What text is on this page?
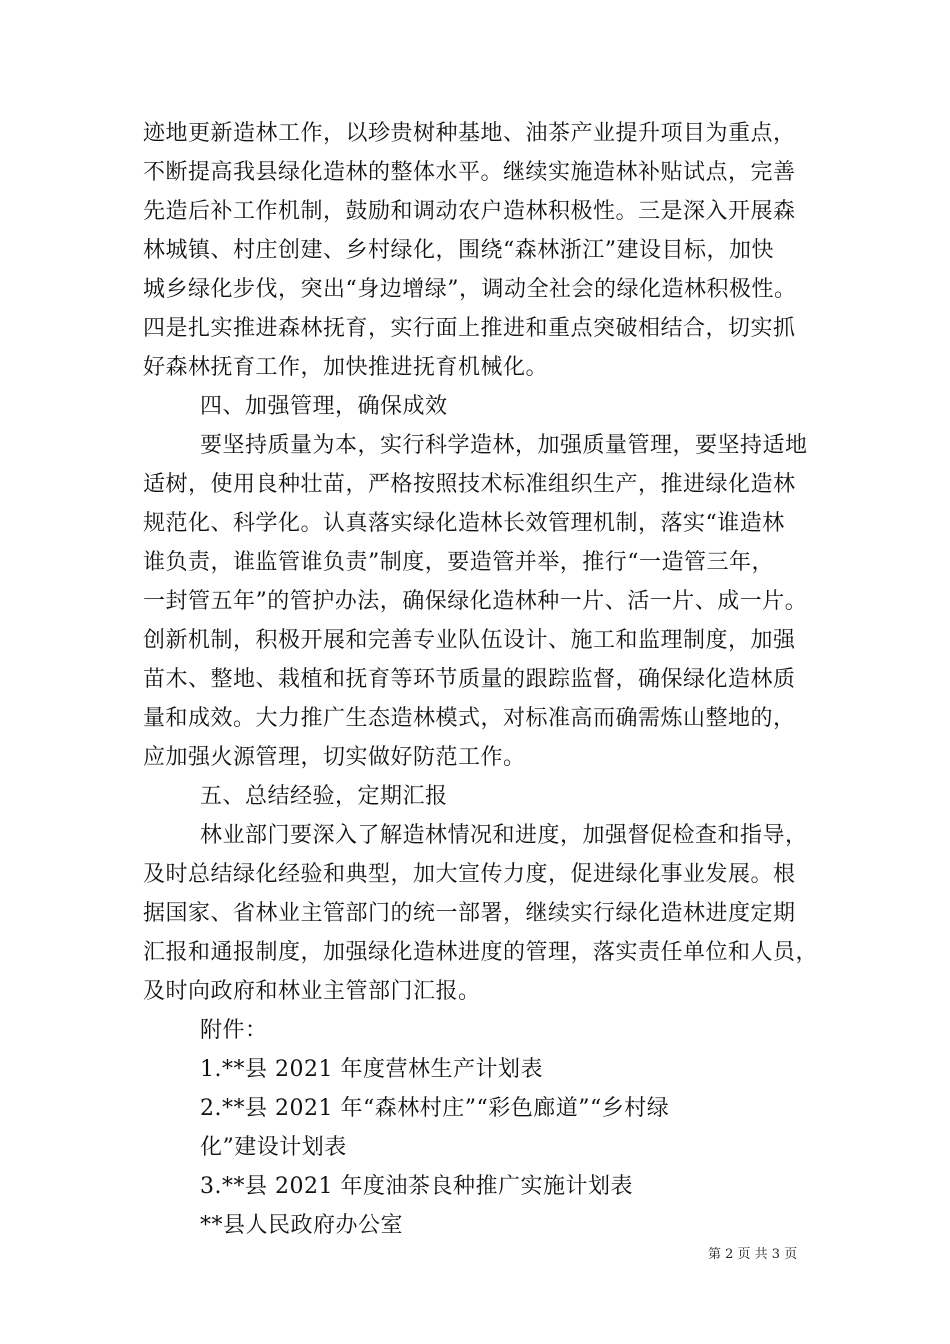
迹地更新造林工作，以珍贵树种基地、油茶产业提升项目为重点，
不断提高我县绿化造林的整体水平。继续实施造林补贴试点，完善
先造后补工作机制，鼓励和调动农户造林积极性。三是深入开展森
林城镇、村庄创建、乡村绿化，围绕“森林浙江”建设目标，加快
城乡绿化步伐，突出“身边增绿”，调动全社会的绿化造林积极性。
四是扎实推进森林抚育，实行面上推进和重点突破相结合，切实抓
好森林抚育工作，加快推进抚育机械化。
四、加强管理，确保成效
要坚持质量为本，实行科学造林，加强质量管理，要坚持适地
适树，使用良种壮苗，严格按照技术标准组织生产，推进绿化造林
规范化、科学化。认真落实绿化造林长效管理机制，落实“谁造林
谁负责，谁监管谁负责”制度，要造管并举，推行“一造管三年，
一封管五年”的管护办法，确保绿化造林种一片、活一片、成一片。
创新机制，积极开展和完善专业队伍设计、施工和监理制度，加强
苗木、整地、栽植和抚育等环节质量的跟踪监督，确保绿化造林质
量和成效。大力推广生态造林模式，对标准高而确需炼山整地的，
应加强火源管理，切实做好防范工作。
五、总结经验，定期汇报
林业部门要深入了解造林情况和进度，加强督促检查和指导，
及时总结绿化经验和典型，加大宣传力度，促进绿化事业发展。根
据国家、省林业主管部门的统一部署，继续实行绿化造林进度定期
汇报和通报制度，加强绿化造林进度的管理，落实责任单位和人员，
及时向政府和林业主管部门汇报。
附件：
1.**县 2021 年度营林生产计划表
2.**县 2021 年“森林村庄”“彩色廊道”“乡村绿
化”建设计划表
3.**县 2021 年度油茶良种推广实施计划表
**县人民政府办公室
第 2 页 共 3 页
